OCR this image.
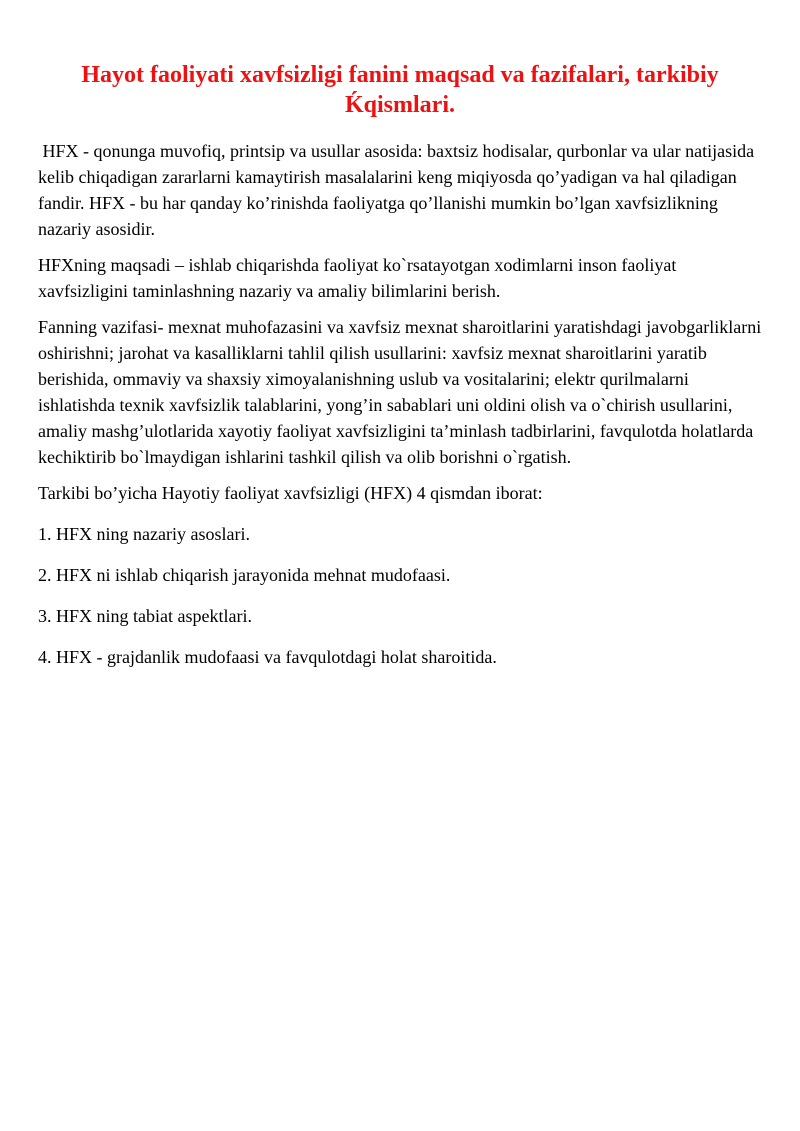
Hayot faoliyati xavfsizligi fanini maqsad va fazifalari, tarkibiy Ḱqismlari.

HFX - qonunga muvofiq, printsip va usullar asosida: baxtsiz hodisalar, qurbonlar va ular natijasida kelib chiqadigan zararlarni kamaytirish masalalarini keng miqiyosda qo’yadigan va hal qiladigan fandir. HFX - bu har qanday ko’rinishda faoliyatga qo’llanishi mumkin bo’lgan xavfsizlikning nazariy asosidir.

HFXning maqsadi – ishlab chiqarishda faoliyat ko`rsatayotgan xodimlarni inson faoliyat xavfsizligini taminlashning nazariy va amaliy bilimlarini berish.

Fanning vazifasi- mexnat muhofazasini va xavfsiz mexnat sharoitlarini yaratishdagi javobgarliklarni oshirishni; jarohat va kasalliklarni tahlil qilish usullarini: xavfsiz mexnat sharoitlarini yaratib berishida, ommaviy va shaxsiy ximoyalanishning uslub va vositalarini; elektr qurilmalarni ishlatishda texnik xavfsizlik talablarini, yong’in sabablari uni oldini olish va o`chirish usullarini, amaliy mashg’ulotlarida xayotiy faoliyat xavfsizligini ta’minlash tadbirlarini, favqulotda holatlarda kechiktirib bo`lmaydigan ishlarini tashkil qilish va olib borishni o`rgatish.

Tarkibi bo’yicha Hayotiy faoliyat xavfsizligi (HFX) 4 qismdan iborat:

1. HFX ning nazariy asoslari.

2. HFX ni ishlab chiqarish jarayonida mehnat mudofaasi.

3. HFX ning tabiat aspektlari.

4. HFX - grajdanlik mudofaasi va favqulotdagi holat sharoitida.
